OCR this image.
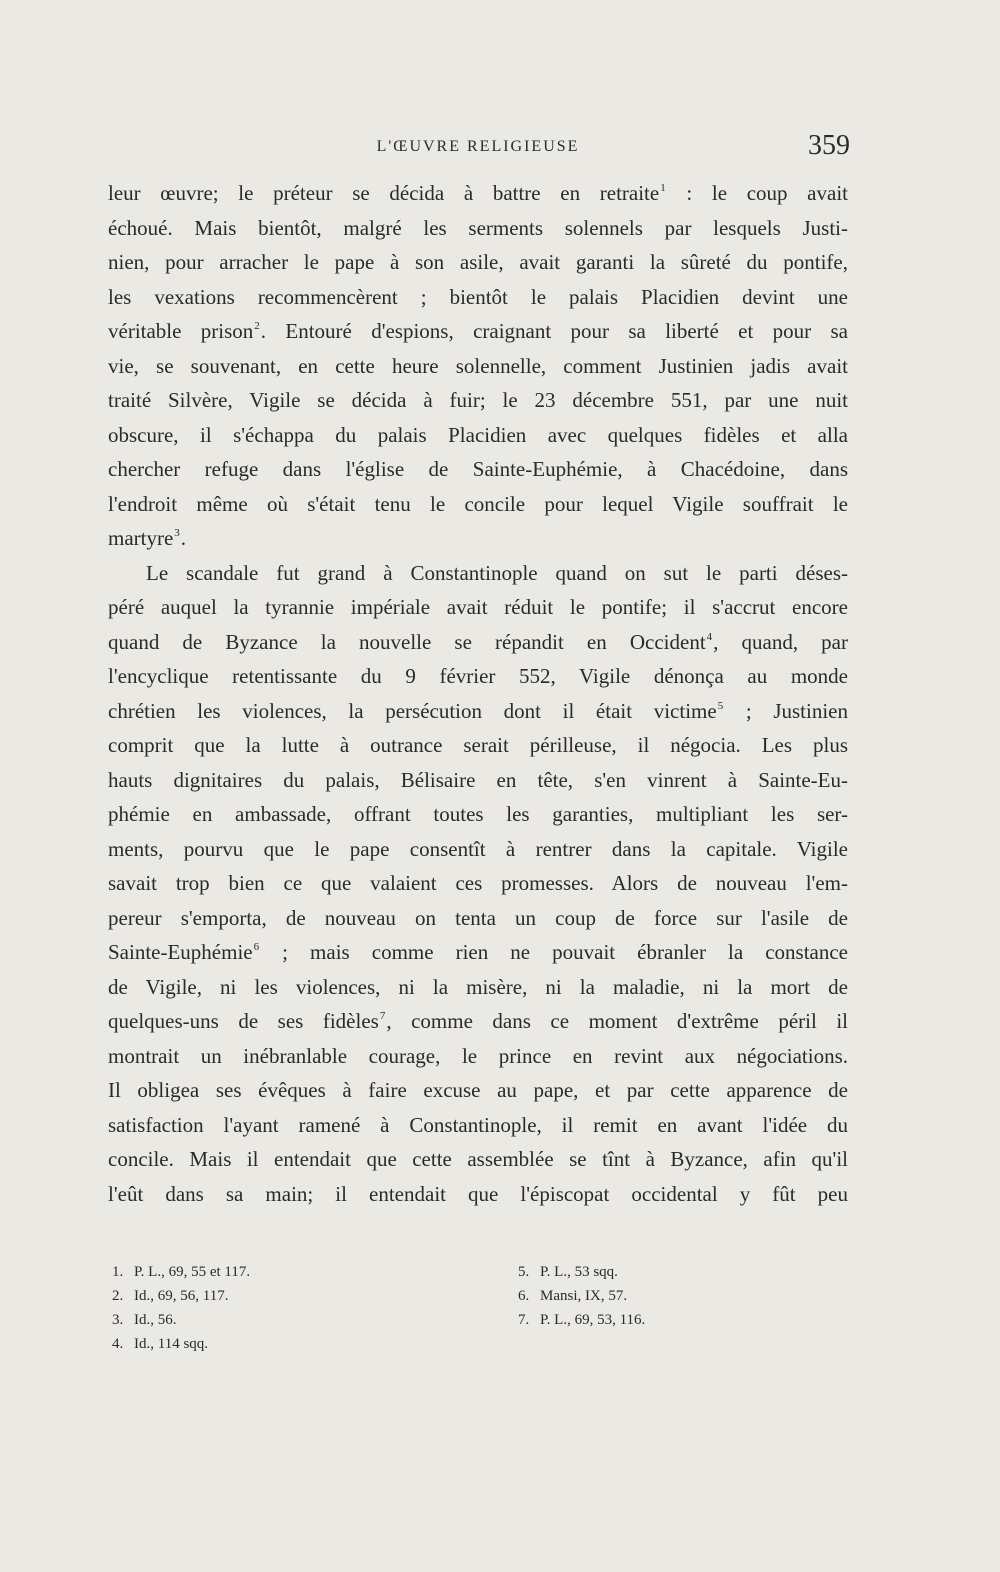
L'ŒUVRE RELIGIEUSE	359
leur œuvre; le préteur se décida à battre en retraite$^1$ : le coup avait
échoué. Mais bientôt, malgré les serments solennels par lesquels Justi-
nien, pour arracher le pape à son asile, avait garanti la sûreté du pontife,
les vexations recommencèrent ; bientôt le palais Placidien devint une
véritable prison$^2$. Entouré d'espions, craignant pour sa liberté et pour sa
vie, se souvenant, en cette heure solennelle, comment Justinien jadis avait
traité Silvère, Vigile se décida à fuir; le 23 décembre 551, par une nuit
obscure, il s'échappa du palais Placidien avec quelques fidèles et alla
chercher refuge dans l'église de Sainte-Euphémie, à Chacédoine, dans
l'endroit même où s'était tenu le concile pour lequel Vigile souffrait le
martyre$^3$.
Le scandale fut grand à Constantinople quand on sut le parti déses-
péré auquel la tyrannie impériale avait réduit le pontife; il s'accrut encore
quand de Byzance la nouvelle se répandit en Occident$^4$, quand, par
l'encyclique retentissante du 9 février 552, Vigile dénonça au monde
chrétien les violences, la persécution dont il était victime$^5$ ; Justinien
comprit que la lutte à outrance serait périlleuse, il négocia. Les plus
hauts dignitaires du palais, Bélisaire en tête, s'en vinrent à Sainte-Eu-
phémie en ambassade, offrant toutes les garanties, multipliant les ser-
ments, pourvu que le pape consentît à rentrer dans la capitale. Vigile
savait trop bien ce que valaient ces promesses. Alors de nouveau l'em-
pereur s'emporta, de nouveau on tenta un coup de force sur l'asile de
Sainte-Euphémie$^6$ ; mais comme rien ne pouvait ébranler la constance
de Vigile, ni les violences, ni la misère, ni la maladie, ni la mort de
quelques-uns de ses fidèles$^7$, comme dans ce moment d'extrême péril il
montrait un inébranlable courage, le prince en revint aux négociations.
Il obligea ses évêques à faire excuse au pape, et par cette apparence de
satisfaction l'ayant ramené à Constantinople, il remit en avant l'idée du
concile. Mais il entendait que cette assemblée se tînt à Byzance, afin qu'il
l'eût dans sa main; il entendait que l'épiscopat occidental y fût peu
1. P. L., 69, 55 et 117.
2. Id., 69, 56, 117.
3. Id., 56.
4. Id., 114 sqq.
5. P. L., 53 sqq.
6. Mansi, IX, 57.
7. P. L., 69, 53, 116.
